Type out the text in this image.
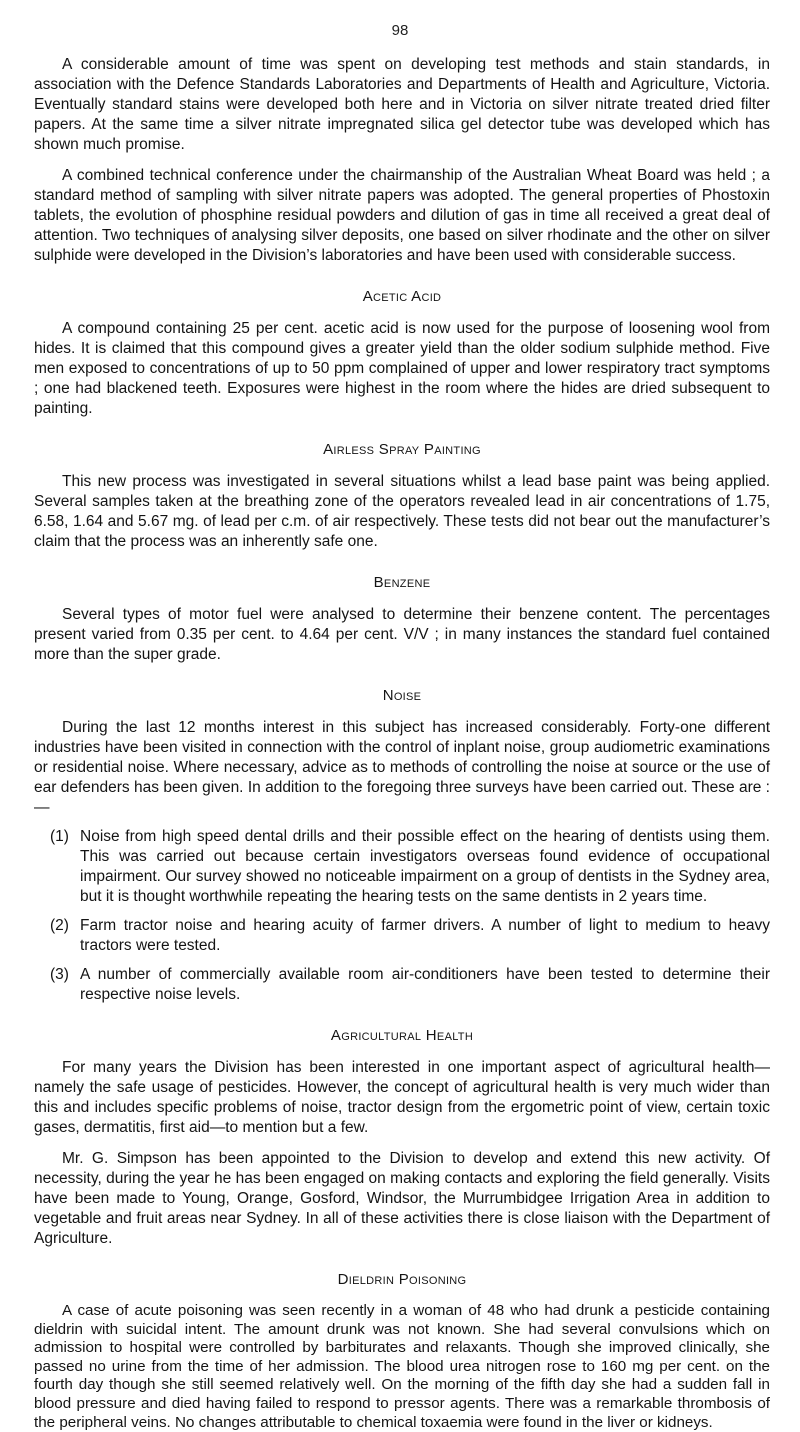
98

A considerable amount of time was spent on developing test methods and stain standards, in association with the Defence Standards Laboratories and Departments of Health and Agriculture, Victoria. Eventually standard stains were developed both here and in Victoria on silver nitrate treated dried filter papers. At the same time a silver nitrate impregnated silica gel detector tube was developed which has shown much promise.

A combined technical conference under the chairmanship of the Australian Wheat Board was held ; a standard method of sampling with silver nitrate papers was adopted. The general properties of Phostoxin tablets, the evolution of phosphine residual powders and dilution of gas in time all received a great deal of attention. Two techniques of analysing silver deposits, one based on silver rhodinate and the other on silver sulphide were developed in the Division’s laboratories and have been used with considerable success.

Acetic Acid

A compound containing 25 per cent. acetic acid is now used for the purpose of loosening wool from hides. It is claimed that this compound gives a greater yield than the older sodium sulphide method. Five men exposed to concentrations of up to 50 ppm complained of upper and lower respiratory tract symptoms ; one had blackened teeth. Exposures were highest in the room where the hides are dried subsequent to painting.

Airless Spray Painting

This new process was investigated in several situations whilst a lead base paint was being applied. Several samples taken at the breathing zone of the operators revealed lead in air concentrations of 1.75, 6.58, 1.64 and 5.67 mg. of lead per c.m. of air respectively. These tests did not bear out the manufacturer’s claim that the process was an inherently safe one.

Benzene

Several types of motor fuel were analysed to determine their benzene content. The percentages present varied from 0.35 per cent. to 4.64 per cent. V/V ; in many instances the standard fuel contained more than the super grade.

Noise

During the last 12 months interest in this subject has increased considerably. Forty-one different industries have been visited in connection with the control of inplant noise, group audiometric examinations or residential noise. Where necessary, advice as to methods of controlling the noise at source or the use of ear defenders has been given. In addition to the foregoing three surveys have been carried out. These are :—

(1) Noise from high speed dental drills and their possible effect on the hearing of dentists using them. This was carried out because certain investigators overseas found evidence of occupational impairment. Our survey showed no noticeable impairment on a group of dentists in the Sydney area, but it is thought worthwhile repeating the hearing tests on the same dentists in 2 years time.
(2) Farm tractor noise and hearing acuity of farmer drivers. A number of light to medium to heavy tractors were tested.
(3) A number of commercially available room air-conditioners have been tested to determine their respective noise levels.
Agricultural Health

For many years the Division has been interested in one important aspect of agricultural health— namely the safe usage of pesticides. However, the concept of agricultural health is very much wider than this and includes specific problems of noise, tractor design from the ergometric point of view, certain toxic gases, dermatitis, first aid—to mention but a few.

Mr. G. Simpson has been appointed to the Division to develop and extend this new activity. Of necessity, during the year he has been engaged on making contacts and exploring the field generally. Visits have been made to Young, Orange, Gosford, Windsor, the Murrumbidgee Irrigation Area in addition to vegetable and fruit areas near Sydney. In all of these activities there is close liaison with the Department of Agriculture.

Dieldrin Poisoning

A case of acute poisoning was seen recently in a woman of 48 who had drunk a pesticide containing dieldrin with suicidal intent. The amount drunk was not known. She had several convulsions which on admission to hospital were controlled by barbiturates and relaxants. Though she improved clinically, she passed no urine from the time of her admission. The blood urea nitrogen rose to 160 mg per cent. on the fourth day though she still seemed relatively well. On the morning of the fifth day she had a sudden fall in blood pressure and died having failed to respond to pressor agents. There was a remarkable thrombosis of the peripheral veins. No changes attributable to chemical toxaemia were found in the liver or kidneys.
